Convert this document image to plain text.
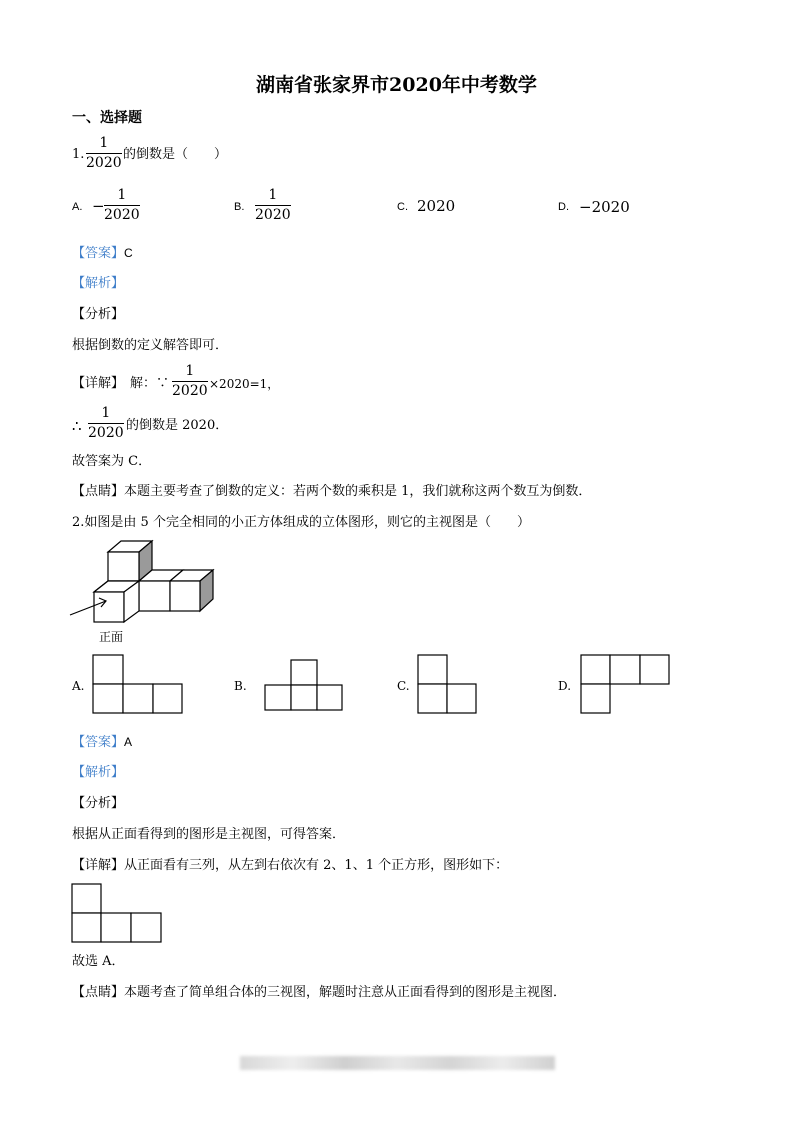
湖南省张家界市2020年中考数学
一、选择题
1.
1
2020
的倒数是（　　）
A. −
1
2020	B.
1
2020	C. 2020	D. −2020
【答案】C
【解析】
【分析】
根据倒数的定义解答即可．
【详解】 解：∵
1
2020 ×2020=1，
∴
1
2020 的倒数是 2020．
故答案为 C．
【点睛】本题主要考查了倒数的定义：若两个数的乘积是 1，我们就称这两个数互为倒数．
2.如图是由 5 个完全相同的小正方体组成的立体图形，则它的主视图是（　　）
正面
A.	B.	C.	D.
【答案】A
【解析】
【分析】
根据从正面看得到的图形是主视图，可得答案．
【详解】从正面看有三列，从左到右依次有 2、1、1 个正方形，图形如下：
故选 A．
【点睛】本题考查了简单组合体的三视图，解题时注意从正面看得到的图形是主视图．
